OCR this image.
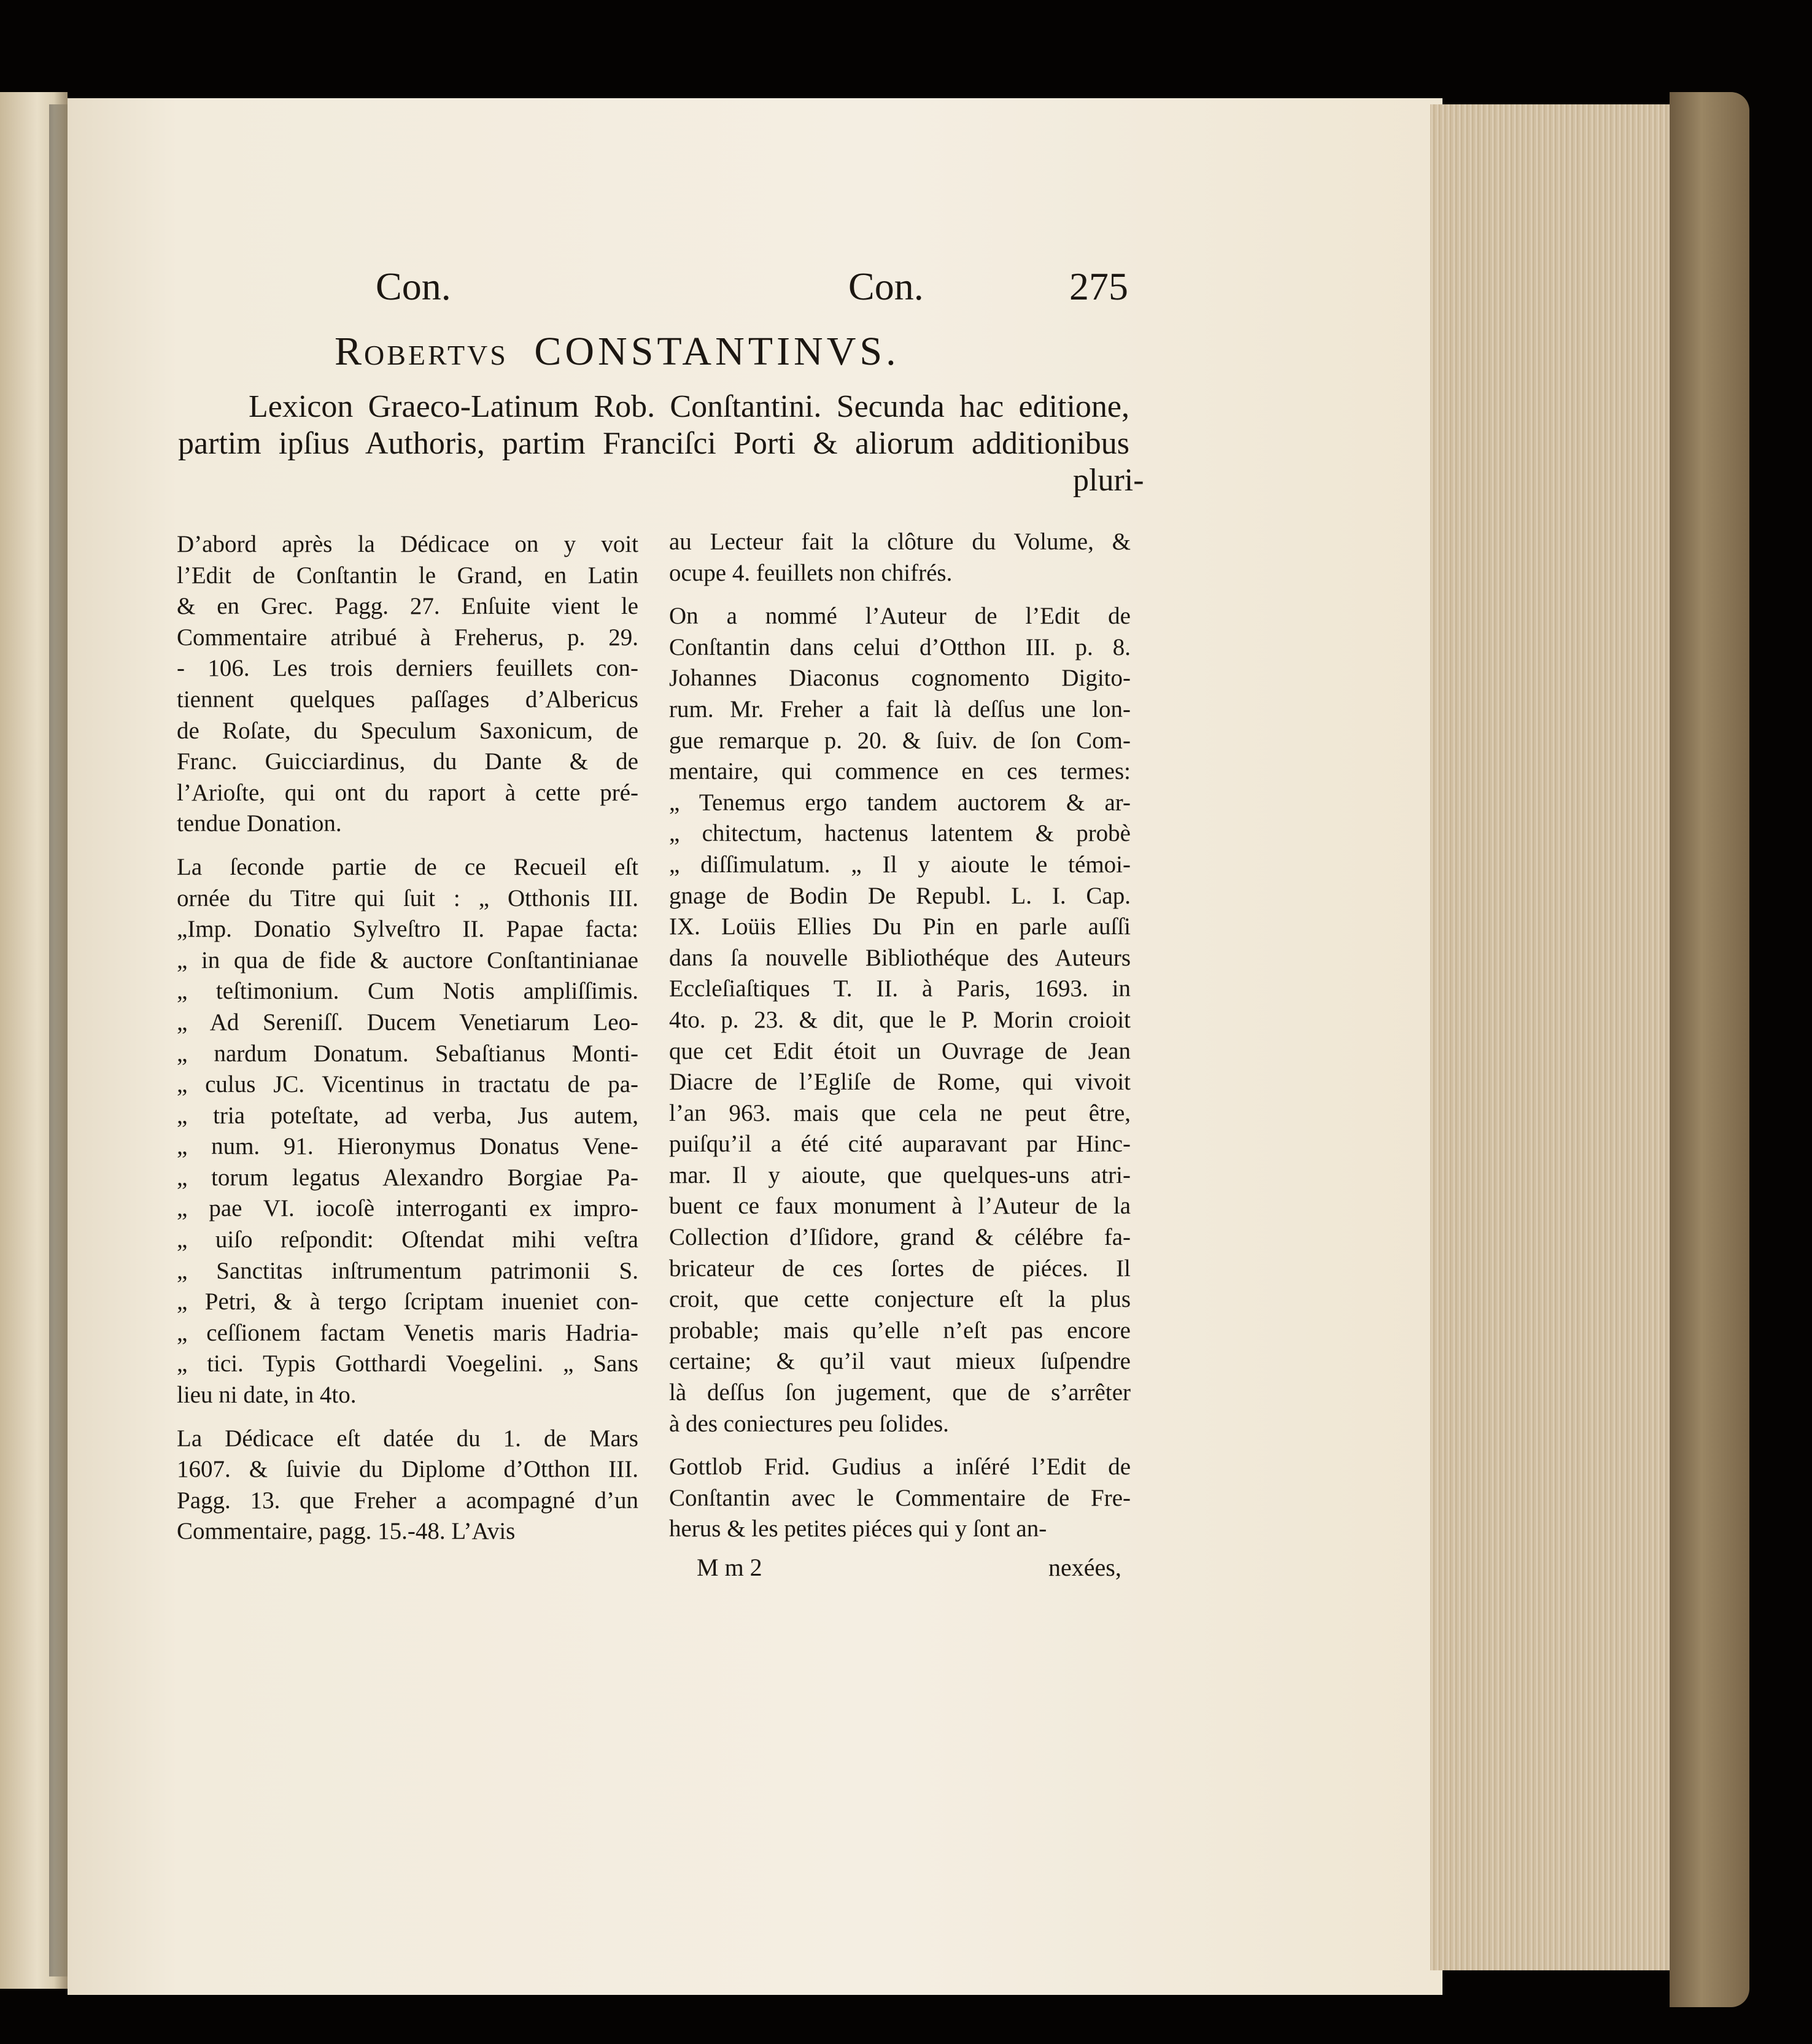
Con.	Con.	275
Robertvs CONSTANTINVS.
Lexicon Graeco-Latinum Rob. Conſtantini. Secunda hac editione,
partim ipſius Authoris, partim Franciſci Porti & aliorum additionibus
pluri-
D’abord après la Dédicace on y voit
l’Edit de Conſtantin le Grand, en Latin
& en Grec. Pagg. 27. Enſuite vient le
Commentaire atribué à Freherus, p. 29.
- 106. Les trois derniers feuillets con-
tiennent quelques paſſages d’Albericus
de Roſate, du Speculum Saxonicum, de
Franc. Guicciardinus, du Dante & de
l’Arioſte, qui ont du raport à cette pré-
tendue Donation.
La ſeconde partie de ce Recueil eſt
ornée du Titre qui ſuit : „ Otthonis III.
„Imp. Donatio Sylveſtro II. Papae facta:
„ in qua de fide & auctore Conſtantinianae
„ teſtimonium. Cum Notis ampliſſimis.
„ Ad Sereniſſ. Ducem Venetiarum Leo-
„ nardum Donatum. Sebaſtianus Monti-
„ culus JC. Vicentinus in tractatu de pa-
„ tria poteſtate, ad verba, Jus autem,
„ num. 91. Hieronymus Donatus Vene-
„ torum legatus Alexandro Borgiae Pa-
„ pae VI. iocoſè interroganti ex impro-
„ uiſo reſpondit: Oſtendat mihi veſtra
„ Sanctitas inſtrumentum patrimonii S.
„ Petri, & à tergo ſcriptam inueniet con-
„ ceſſionem factam Venetis maris Hadria-
„ tici. Typis Gotthardi Voegelini. „ Sans
lieu ni date, in 4to.
La Dédicace eſt datée du 1. de Mars
1607. & ſuivie du Diplome d’Otthon III.
Pagg. 13. que Freher a acompagné d’un
Commentaire, pagg. 15.-48. L’Avis
au Lecteur fait la clôture du Volume, &
ocupe 4. feuillets non chifrés.
On a nommé l’Auteur de l’Edit de
Conſtantin dans celui d’Otthon III. p. 8.
Johannes Diaconus cognomento Digito-
rum. Mr. Freher a fait là deſſus une lon-
gue remarque p. 20. & ſuiv. de ſon Com-
mentaire, qui commence en ces termes:
„ Tenemus ergo tandem auctorem & ar-
„ chitectum, hactenus latentem & probè
„ diſſimulatum. „ Il y aioute le témoi-
gnage de Bodin De Republ. L. I. Cap.
IX. Loüis Ellies Du Pin en parle auſſi
dans ſa nouvelle Bibliothéque des Auteurs
Eccleſiaſtiques T. II. à Paris, 1693. in
4to. p. 23. & dit, que le P. Morin croioit
que cet Edit étoit un Ouvrage de Jean
Diacre de l’Egliſe de Rome, qui vivoit
l’an 963. mais que cela ne peut être,
puiſqu’il a été cité auparavant par Hinc-
mar. Il y aioute, que quelques-uns atri-
buent ce faux monument à l’Auteur de la
Collection d’Iſidore, grand & célébre fa-
bricateur de ces ſortes de piéces. Il
croit, que cette conjecture eſt la plus
probable; mais qu’elle n’eſt pas encore
certaine; & qu’il vaut mieux ſuſpendre
là deſſus ſon jugement, que de s’arrêter
à des coniectures peu ſolides.
Gottlob Frid. Gudius a inſéré l’Edit de
Conſtantin avec le Commentaire de Fre-
herus & les petites piéces qui y ſont an-
M m 2	nexées,
